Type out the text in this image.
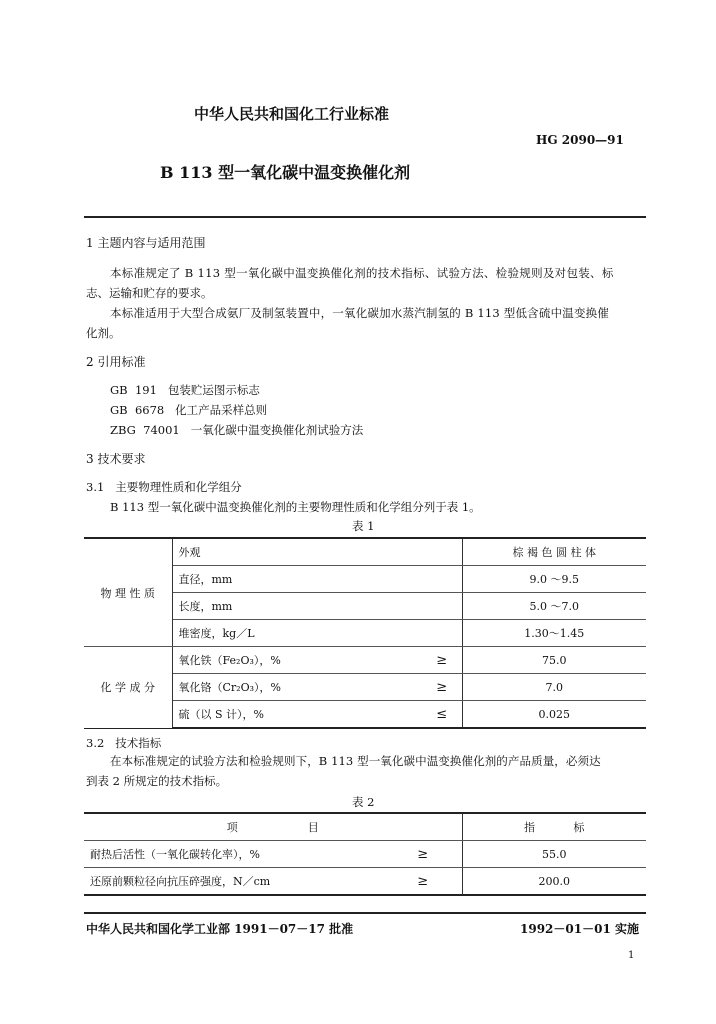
中华人民共和国化工行业标准
HG 2090—91
B 113 型一氧化碳中温变换催化剂
1 主题内容与适用范围
本标准规定了 B 113 型一氧化碳中温变换催化剂的技术指标、试验方法、检验规则及对包装、标
志、运输和贮存的要求。
本标准适用于大型合成氨厂及制氢装置中，一氧化碳加水蒸汽制氢的 B 113 型低含硫中温变换催
化剂。
2 引用标准
GB  191   包装贮运图示标志
GB  6678   化工产品采样总则
ZBG  74001   一氧化碳中温变换催化剂试验方法
3 技术要求
3.1   主要物理性质和化学组分
B 113 型一氧化碳中温变换催化剂的主要物理性质和化学组分列于表 1。
表 1
物 理 性 质	外观		棕 褐 色 圆 柱 体
	直径，mm		9.0 ～9.5
	长度，mm		5.0 ～7.0
	堆密度，kg／L		1.30～1.45
化 学 成 分	氧化铁（Fe₂O₃），%	≥	75.0
	氧化铬（Cr₂O₃），%	≥	7.0
	硫（以 S 计），%	≤	0.025
3.2   技术指标
在本标准规定的试验方法和检验规则下，B 113 型一氧化碳中温变换催化剂的产品质量，必须达
到表 2 所规定的技术指标。
表 2
项                    目		指           标
耐热后活性（一氧化碳转化率），%	≥	55.0
还原前颗粒径向抗压碎强度，N／cm	≥	200.0
中华人民共和国化学工业部 1991－07－17 批准	1992－01－01 实施
1
